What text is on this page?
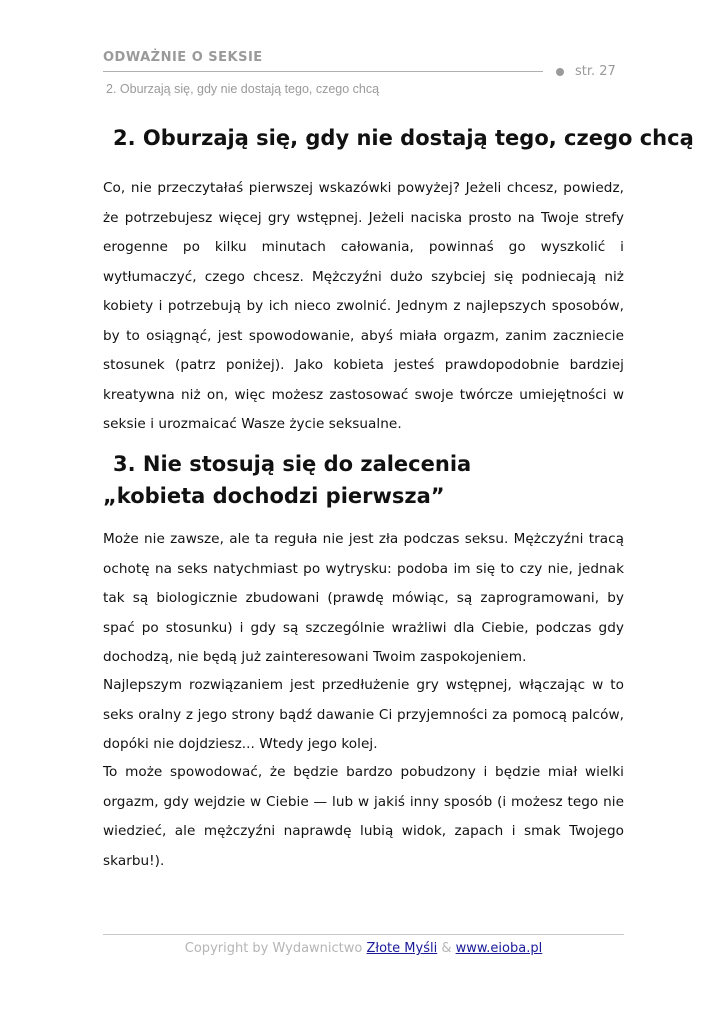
ODWAŻNIE O SEKSIE
str. 27
2. Oburzają się, gdy nie dostają tego, czego chcą
2. Oburzają się, gdy nie dostają tego, czego chcą

Co, nie przeczytałaś pierwszej wskazówki powyżej? Jeżeli chcesz, powiedz, że potrzebujesz więcej gry wstępnej. Jeżeli naciska prosto na Twoje strefy erogenne po kilku minutach całowania, powinnaś go wyszkolić i wytłumaczyć, czego chcesz. Mężczyźni dużo szybciej się podniecają niż kobiety i potrzebują by ich nieco zwolnić. Jednym z najlepszych sposobów, by to osiągnąć, jest spowodowanie, abyś miała orgazm, zanim zaczniecie stosunek (patrz poniżej). Jako kobieta jesteś prawdopodobnie bardziej kreatywna niż on, więc możesz zastosować swoje twórcze umiejętności w seksie i urozmaicać Wasze życie seksualne.

3. Nie stosują się do zalecenia
„kobieta dochodzi pierwsza”

Może nie zawsze, ale ta reguła nie jest zła podczas seksu. Mężczyźni tracą ochotę na seks natychmiast po wytrysku: podoba im się to czy nie, jednak tak są biologicznie zbudowani (prawdę mówiąc, są zaprogramowani, by spać po stosunku) i gdy są szczególnie wrażliwi dla Ciebie, podczas gdy dochodzą, nie będą już zainteresowani Twoim zaspokojeniem.

Najlepszym rozwiązaniem jest przedłużenie gry wstępnej, włączając w to seks oralny z jego strony bądź dawanie Ci przyjemności za pomocą palców, dopóki nie dojdziesz... Wtedy jego kolej.

To może spowodować, że będzie bardzo pobudzony i będzie miał wielki orgazm, gdy wejdzie w Ciebie — lub w jakiś inny sposób (i możesz tego nie wiedzieć, ale mężczyźni naprawdę lubią widok, zapach i smak Twojego skarbu!).

Copyright by Wydawnictwo Złote Myśli & www.eioba.pl
